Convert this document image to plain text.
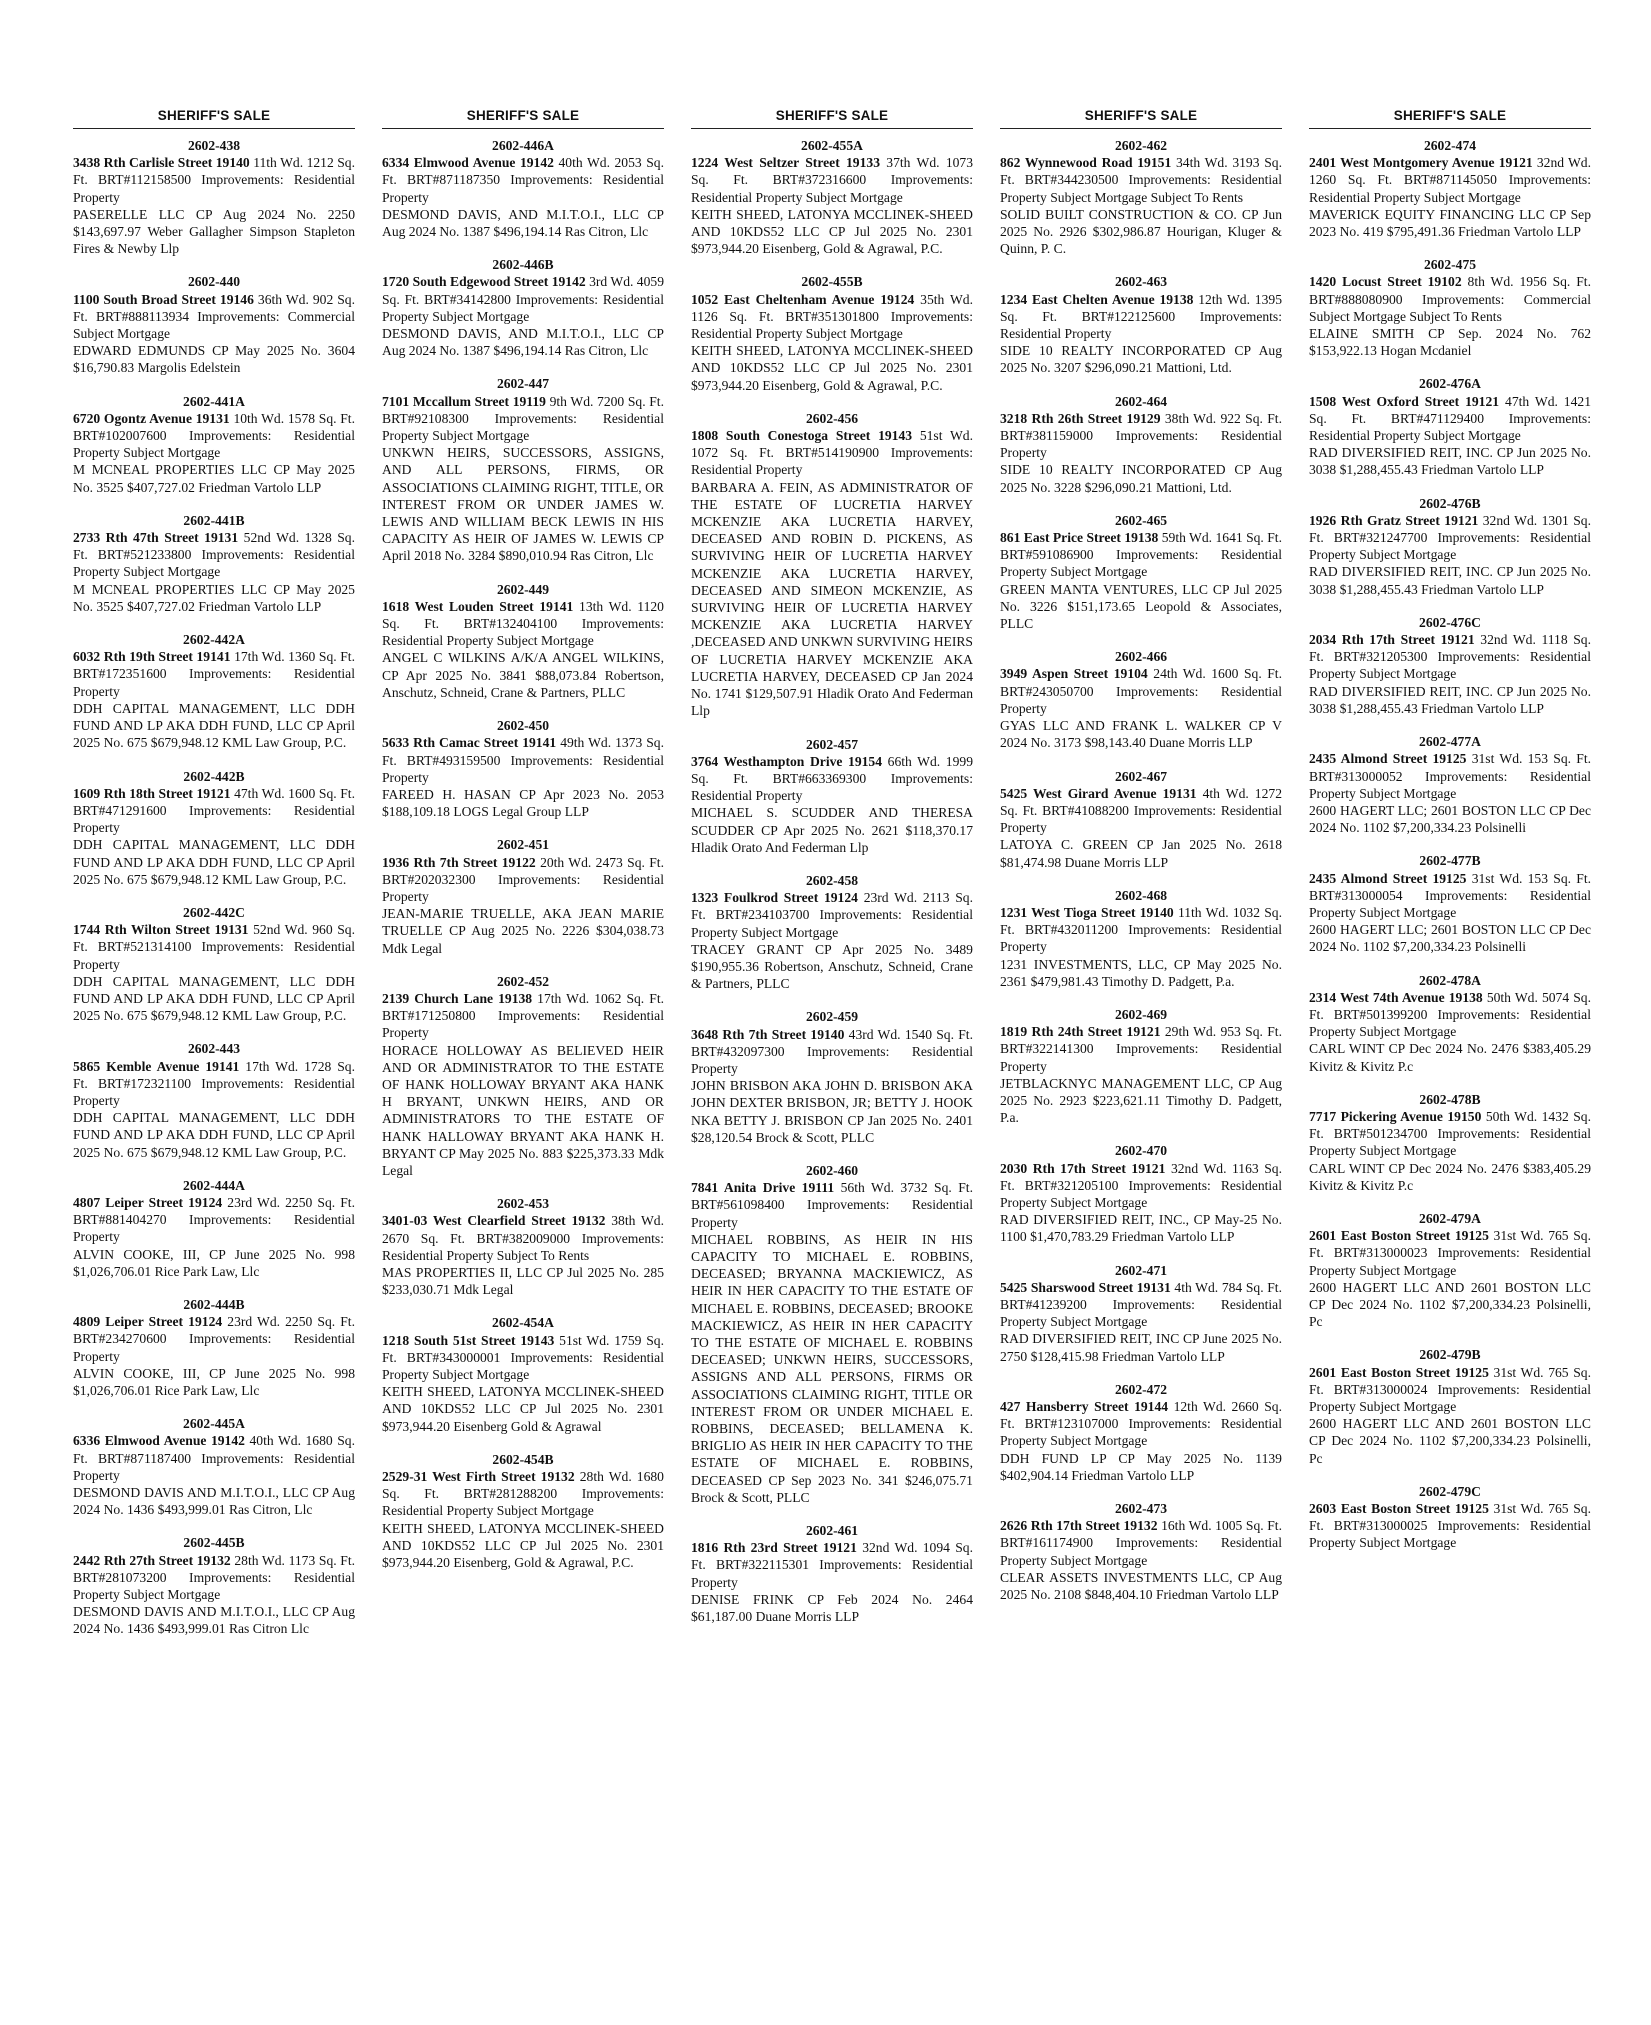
SHERIFF'S SALE
2602-438
3438 Rth Carlisle Street 19140 11th Wd. 1212 Sq. Ft. BRT#112158500 Improvements: Residential Property
PASERELLE LLC CP Aug 2024 No. 2250 $143,697.97 Weber Gallagher Simpson Stapleton Fires & Newby Llp
2602-440
1100 South Broad Street 19146 36th Wd. 902 Sq. Ft. BRT#888113934 Improvements: Commercial Subject Mortgage
EDWARD EDMUNDS CP May 2025 No. 3604 $16,790.83 Margolis Edelstein
2602-441A
6720 Ogontz Avenue 19131 10th Wd. 1578 Sq. Ft. BRT#102007600 Improvements: Residential Property Subject Mortgage
M MCNEAL PROPERTIES LLC CP May 2025 No. 3525 $407,727.02 Friedman Vartolo LLP
2602-441B
2733 Rth 47th Street 19131 52nd Wd. 1328 Sq. Ft. BRT#521233800 Improvements: Residential Property Subject Mortgage
M MCNEAL PROPERTIES LLC CP May 2025 No. 3525 $407,727.02 Friedman Vartolo LLP
2602-442A
6032 Rth 19th Street 19141 17th Wd. 1360 Sq. Ft. BRT#172351600 Improvements: Residential Property
DDH CAPITAL MANAGEMENT, LLC DDH FUND AND LP AKA DDH FUND, LLC CP April 2025 No. 675 $679,948.12 KML Law Group, P.C.
2602-442B
1609 Rth 18th Street 19121 47th Wd. 1600 Sq. Ft. BRT#471291600 Improvements: Residential Property
DDH CAPITAL MANAGEMENT, LLC DDH FUND AND LP AKA DDH FUND, LLC CP April 2025 No. 675 $679,948.12 KML Law Group, P.C.
2602-442C
1744 Rth Wilton Street 19131 52nd Wd. 960 Sq. Ft. BRT#521314100 Improvements: Residential Property
DDH CAPITAL MANAGEMENT, LLC DDH FUND AND LP AKA DDH FUND, LLC CP April 2025 No. 675 $679,948.12 KML Law Group, P.C.
2602-443
5865 Kemble Avenue 19141 17th Wd. 1728 Sq. Ft. BRT#172321100 Improvements: Residential Property
DDH CAPITAL MANAGEMENT, LLC DDH FUND AND LP AKA DDH FUND, LLC CP April 2025 No. 675 $679,948.12 KML Law Group, P.C.
2602-444A
4807 Leiper Street 19124 23rd Wd. 2250 Sq. Ft. BRT#881404270 Improvements: Residential Property
ALVIN COOKE, III, CP June 2025 No. 998 $1,026,706.01 Rice Park Law, Llc
2602-444B
4809 Leiper Street 19124 23rd Wd. 2250 Sq. Ft. BRT#234270600 Improvements: Residential Property
ALVIN COOKE, III, CP June 2025 No. 998 $1,026,706.01 Rice Park Law, Llc
2602-445A
6336 Elmwood Avenue 19142 40th Wd. 1680 Sq. Ft. BRT#871187400 Improvements: Residential Property
DESMOND DAVIS AND M.I.T.O.I., LLC CP Aug 2024 No. 1436 $493,999.01 Ras Citron, Llc
2602-445B
2442 Rth 27th Street 19132 28th Wd. 1173 Sq. Ft. BRT#281073200 Improvements: Residential Property Subject Mortgage
DESMOND DAVIS AND M.I.T.O.I., LLC CP Aug 2024 No. 1436 $493,999.01 Ras Citron Llc
SHERIFF'S SALE
2602-446A
6334 Elmwood Avenue 19142 40th Wd. 2053 Sq. Ft. BRT#871187350 Improvements: Residential Property
DESMOND DAVIS, AND M.I.T.O.I., LLC CP Aug 2024 No. 1387 $496,194.14 Ras Citron, Llc
2602-446B
1720 South Edgewood Street 19142 3rd Wd. 4059 Sq. Ft. BRT#34142800 Improvements: Residential Property Subject Mortgage
DESMOND DAVIS, AND M.I.T.O.I., LLC CP Aug 2024 No. 1387 $496,194.14 Ras Citron, Llc
2602-447
7101 Mccallum Street 19119 9th Wd. 7200 Sq. Ft. BRT#92108300 Improvements: Residential Property Subject Mortgage
UNKWN HEIRS, SUCCESSORS, ASSIGNS, AND ALL PERSONS, FIRMS, OR ASSOCIATIONS CLAIMING RIGHT, TITLE, OR INTEREST FROM OR UNDER JAMES W. LEWIS AND WILLIAM BECK LEWIS IN HIS CAPACITY AS HEIR OF JAMES W. LEWIS CP April 2018 No. 3284 $890,010.94 Ras Citron, Llc
2602-449
1618 West Louden Street 19141 13th Wd. 1120 Sq. Ft. BRT#132404100 Improvements: Residential Property Subject Mortgage
ANGEL C WILKINS A/K/A ANGEL WILKINS,CP Apr 2025 No. 3841 $88,073.84 Robertson, Anschutz, Schneid, Crane & Partners, PLLC
2602-450
5633 Rth Camac Street 19141 49th Wd. 1373 Sq. Ft. BRT#493159500 Improvements: Residential Property
FAREED H. HASAN CP Apr 2023 No. 2053 $188,109.18 LOGS Legal Group LLP
2602-451
1936 Rth 7th Street 19122 20th Wd. 2473 Sq. Ft. BRT#202032300 Improvements: Residential Property
JEAN-MARIE TRUELLE, AKA JEAN MARIE TRUELLE CP Aug 2025 No. 2226 $304,038.73 Mdk Legal
2602-452
2139 Church Lane 19138 17th Wd. 1062 Sq. Ft. BRT#171250800 Improvements: Residential Property
HORACE HOLLOWAY AS BELIEVED HEIR AND OR ADMINISTRATOR TO THE ESTATE OF HANK HOLLOWAY BRYANT AKA HANK H BRYANT, UNKWN HEIRS, AND OR ADMINISTRATORS TO THE ESTATE OF HANK HALLOWAY BRYANT AKA HANK H. BRYANT CP May 2025 No. 883 $225,373.33 Mdk Legal
2602-453
3401-03 West Clearfield Street 19132 38th Wd. 2670 Sq. Ft. BRT#382009000 Improvements: Residential Property Subject To Rents
MAS PROPERTIES II, LLC CP Jul 2025 No. 285 $233,030.71 Mdk Legal
2602-454A
1218 South 51st Street 19143 51st Wd. 1759 Sq. Ft. BRT#343000001 Improvements: Residential Property Subject Mortgage
KEITH SHEED, LATONYA MCCLINEK-SHEED AND 10KDS52 LLC CP Jul 2025 No. 2301 $973,944.20 Eisenberg Gold & Agrawal
2602-454B
2529-31 West Firth Street 19132 28th Wd. 1680 Sq. Ft. BRT#281288200 Improvements: Residential Property Subject Mortgage
KEITH SHEED, LATONYA MCCLINEK-SHEED AND 10KDS52 LLC CP Jul 2025 No. 2301 $973,944.20 Eisenberg, Gold & Agrawal, P.C.
SHERIFF'S SALE
2602-455A
1224 West Seltzer Street 19133 37th Wd. 1073 Sq. Ft. BRT#372316600 Improvements: Residential Property Subject Mortgage
KEITH SHEED, LATONYA MCCLINEK-SHEED AND 10KDS52 LLC CP Jul 2025 No. 2301 $973,944.20 Eisenberg, Gold & Agrawal, P.C.
2602-455B
1052 East Cheltenham Avenue 19124 35th Wd. 1126 Sq. Ft. BRT#351301800 Improvements: Residential Property Subject Mortgage
KEITH SHEED, LATONYA MCCLINEK-SHEED AND 10KDS52 LLC CP Jul 2025 No. 2301 $973,944.20 Eisenberg, Gold & Agrawal, P.C.
2602-456
1808 South Conestoga Street 19143 51st Wd. 1072 Sq. Ft. BRT#514190900 Improvements: Residential Property
BARBARA A. FEIN, AS ADMINISTRATOR OF THE ESTATE OF LUCRETIA HARVEY MCKENZIE AKA LUCRETIA HARVEY, DECEASED AND ROBIN D. PICKENS, AS SURVIVING HEIR OF LUCRETIA HARVEY MCKENZIE AKA LUCRETIA HARVEY, DECEASED AND SIMEON MCKENZIE, AS SURVIVING HEIR OF LUCRETIA HARVEY MCKENZIE AKA LUCRETIA HARVEY ,DECEASED AND UNKWN SURVIVING HEIRS OF LUCRETIA HARVEY MCKENZIE AKA LUCRETIA HARVEY, DECEASED CP Jan 2024 No. 1741 $129,507.91 Hladik Orato And Federman Llp
2602-457
3764 Westhampton Drive 19154 66th Wd. 1999 Sq. Ft. BRT#663369300 Improvements: Residential Property
MICHAEL S. SCUDDER AND THERESA SCUDDER CP Apr 2025 No. 2621 $118,370.17 Hladik Orato And Federman Llp
2602-458
1323 Foulkrod Street 19124 23rd Wd. 2113 Sq. Ft. BRT#234103700 Improvements: Residential Property Subject Mortgage
TRACEY GRANT CP Apr 2025 No. 3489 $190,955.36 Robertson, Anschutz, Schneid, Crane & Partners, PLLC
2602-459
3648 Rth 7th Street 19140 43rd Wd. 1540 Sq. Ft. BRT#432097300 Improvements: Residential Property
JOHN BRISBON AKA JOHN D. BRISBON AKA JOHN DEXTER BRISBON, JR; BETTY J. HOOK NKA BETTY J. BRISBON CP Jan 2025 No. 2401 $28,120.54 Brock & Scott, PLLC
2602-460
7841 Anita Drive 19111 56th Wd. 3732 Sq. Ft. BRT#561098400 Improvements: Residential Property
MICHAEL ROBBINS, AS HEIR IN HIS CAPACITY TO MICHAEL E. ROBBINS, DECEASED; BRYANNA MACKIEWICZ, AS HEIR IN HER CAPACITY TO THE ESTATE OF MICHAEL E. ROBBINS, DECEASED; BROOKE MACKIEWICZ, AS HEIR IN HER CAPACITY TO THE ESTATE OF MICHAEL E. ROBBINS DECEASED; UNKWN HEIRS, SUCCESSORS, ASSIGNS AND ALL PERSONS, FIRMS OR ASSOCIATIONS CLAIMING RIGHT, TITLE OR INTEREST FROM OR UNDER MICHAEL E. ROBBINS, DECEASED; BELLAMENA K. BRIGLIO AS HEIR IN HER CAPACITY TO THE ESTATE OF MICHAEL E. ROBBINS, DECEASED CP Sep 2023 No. 341 $246,075.71 Brock & Scott, PLLC
2602-461
1816 Rth 23rd Street 19121 32nd Wd. 1094 Sq. Ft. BRT#322115301 Improvements: Residential Property
DENISE FRINK CP Feb 2024 No. 2464 $61,187.00 Duane Morris LLP
SHERIFF'S SALE
2602-462
862 Wynnewood Road 19151 34th Wd. 3193 Sq. Ft. BRT#344230500 Improvements: Residential Property Subject Mortgage Subject To Rents
SOLID BUILT CONSTRUCTION & CO. CP Jun 2025 No. 2926 $302,986.87 Hourigan, Kluger & Quinn, P. C.
2602-463
1234 East Chelten Avenue 19138 12th Wd. 1395 Sq. Ft. BRT#122125600 Improvements: Residential Property
SIDE 10 REALTY INCORPORATED CP Aug 2025 No. 3207 $296,090.21 Mattioni, Ltd.
2602-464
3218 Rth 26th Street 19129 38th Wd. 922 Sq. Ft. BRT#381159000 Improvements: Residential Property
SIDE 10 REALTY INCORPORATED CP Aug 2025 No. 3228 $296,090.21 Mattioni, Ltd.
2602-465
861 East Price Street 19138 59th Wd. 1641 Sq. Ft. BRT#591086900 Improvements: Residential Property Subject Mortgage
GREEN MANTA VENTURES, LLC CP Jul 2025 No. 3226 $151,173.65 Leopold & Associates, PLLC
2602-466
3949 Aspen Street 19104 24th Wd. 1600 Sq. Ft. BRT#243050700 Improvements: Residential Property
GYAS LLC AND FRANK L. WALKER CP V 2024 No. 3173 $98,143.40 Duane Morris LLP
2602-467
5425 West Girard Avenue 19131 4th Wd. 1272 Sq. Ft. BRT#41088200 Improvements: Residential Property
LATOYA C. GREEN CP Jan 2025 No. 2618 $81,474.98 Duane Morris LLP
2602-468
1231 West Tioga Street 19140 11th Wd. 1032 Sq. Ft. BRT#432011200 Improvements: Residential Property
1231 INVESTMENTS, LLC, CP May 2025 No. 2361 $479,981.43 Timothy D. Padgett, P.a.
2602-469
1819 Rth 24th Street 19121 29th Wd. 953 Sq. Ft. BRT#322141300 Improvements: Residential Property
JETBLACKNYC MANAGEMENT LLC, CP Aug 2025 No. 2923 $223,621.11 Timothy D. Padgett, P.a.
2602-470
2030 Rth 17th Street 19121 32nd Wd. 1163 Sq. Ft. BRT#321205100 Improvements: Residential Property Subject Mortgage
RAD DIVERSIFIED REIT, INC., CP May-25 No. 1100 $1,470,783.29 Friedman Vartolo LLP
2602-471
5425 Sharswood Street 19131 4th Wd. 784 Sq. Ft. BRT#41239200 Improvements: Residential Property Subject Mortgage
RAD DIVERSIFIED REIT, INC CP June 2025 No. 2750 $128,415.98 Friedman Vartolo LLP
2602-472
427 Hansberry Street 19144 12th Wd. 2660 Sq. Ft. BRT#123107000 Improvements: Residential Property Subject Mortgage
DDH FUND LP CP May 2025 No. 1139 $402,904.14 Friedman Vartolo LLP
2602-473
2626 Rth 17th Street 19132 16th Wd. 1005 Sq. Ft. BRT#161174900 Improvements: Residential Property Subject Mortgage
CLEAR ASSETS INVESTMENTS LLC, CP Aug 2025 No. 2108 $848,404.10 Friedman Vartolo LLP
SHERIFF'S SALE
2602-474
2401 West Montgomery Avenue 19121 32nd Wd. 1260 Sq. Ft. BRT#871145050 Improvements: Residential Property Subject Mortgage
MAVERICK EQUITY FINANCING LLC CP Sep 2023 No. 419 $795,491.36 Friedman Vartolo LLP
2602-475
1420 Locust Street 19102 8th Wd. 1956 Sq. Ft. BRT#888080900 Improvements: Commercial Subject Mortgage Subject To Rents
ELAINE SMITH CP Sep. 2024 No. 762 $153,922.13 Hogan Mcdaniel
2602-476A
1508 West Oxford Street 19121 47th Wd. 1421 Sq. Ft. BRT#471129400 Improvements: Residential Property Subject Mortgage
RAD DIVERSIFIED REIT, INC. CP Jun 2025 No. 3038 $1,288,455.43 Friedman Vartolo LLP
2602-476B
1926 Rth Gratz Street 19121 32nd Wd. 1301 Sq. Ft. BRT#321247700 Improvements: Residential Property Subject Mortgage
RAD DIVERSIFIED REIT, INC. CP Jun 2025 No. 3038 $1,288,455.43 Friedman Vartolo LLP
2602-476C
2034 Rth 17th Street 19121 32nd Wd. 1118 Sq. Ft. BRT#321205300 Improvements: Residential Property Subject Mortgage
RAD DIVERSIFIED REIT, INC. CP Jun 2025 No. 3038 $1,288,455.43 Friedman Vartolo LLP
2602-477A
2435 Almond Street 19125 31st Wd. 153 Sq. Ft. BRT#313000052 Improvements: Residential Property Subject Mortgage
2600 HAGERT LLC; 2601 BOSTON LLC CP Dec 2024 No. 1102 $7,200,334.23 Polsinelli
2602-477B
2435 Almond Street 19125 31st Wd. 153 Sq. Ft. BRT#313000054 Improvements: Residential Property Subject Mortgage
2600 HAGERT LLC; 2601 BOSTON LLC CP Dec 2024 No. 1102 $7,200,334.23 Polsinelli
2602-478A
2314 West 74th Avenue 19138 50th Wd. 5074 Sq. Ft. BRT#501399200 Improvements: Residential Property Subject Mortgage
CARL WINT CP Dec 2024 No. 2476 $383,405.29 Kivitz & Kivitz P.c
2602-478B
7717 Pickering Avenue 19150 50th Wd. 1432 Sq. Ft. BRT#501234700 Improvements: Residential Property Subject Mortgage
CARL WINT CP Dec 2024 No. 2476 $383,405.29 Kivitz & Kivitz P.c
2602-479A
2601 East Boston Street 19125 31st Wd. 765 Sq. Ft. BRT#313000023 Improvements: Residential Property Subject Mortgage
2600 HAGERT LLC AND 2601 BOSTON LLCCP Dec 2024 No. 1102 $7,200,334.23 Polsinelli, Pc
2602-479B
2601 East Boston Street 19125 31st Wd. 765 Sq. Ft. BRT#313000024 Improvements: Residential Property Subject Mortgage
2600 HAGERT LLC AND 2601 BOSTON LLCCP Dec 2024 No. 1102 $7,200,334.23 Polsinelli, Pc
2602-479C
2603 East Boston Street 19125 31st Wd. 765 Sq. Ft. BRT#313000025 Improvements: Residential Property Subject Mortgage
